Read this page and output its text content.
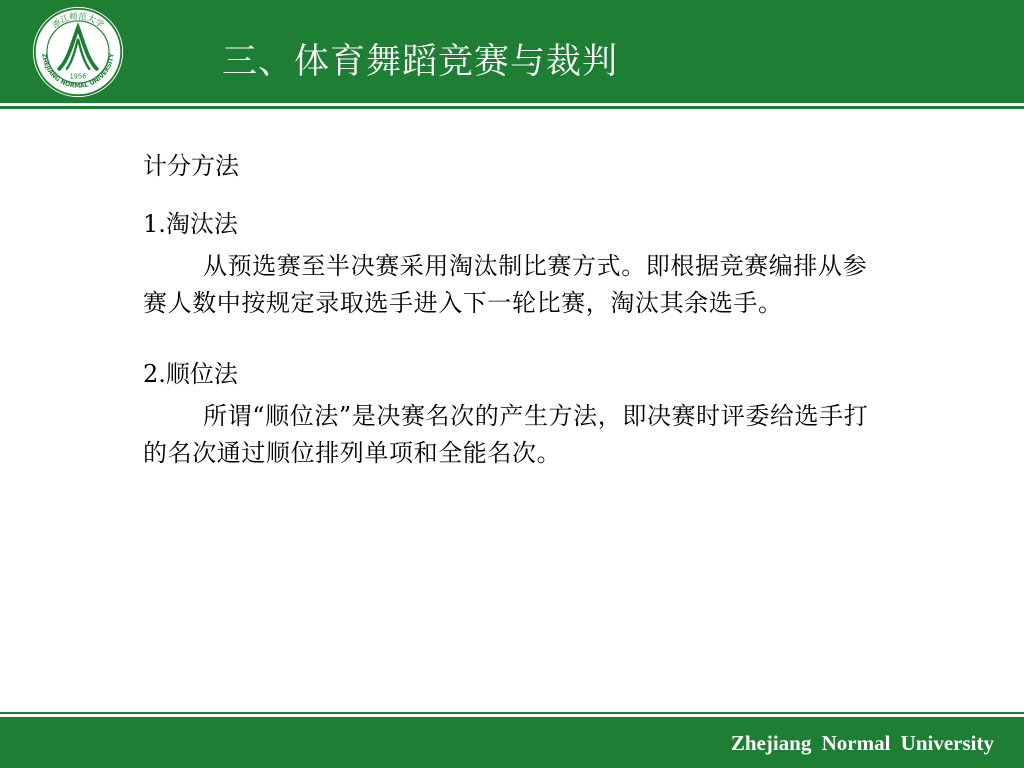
浙江师范大学
ZHEJIANG NORMAL UNIVERSITY
1956	三、体育舞蹈竞赛与裁判
计分方法
1.淘汰法
从预选赛至半决赛采用淘汰制比赛方式。即根据竞赛编排从参赛人数中按规定录取选手进入下一轮比赛，淘汰其余选手。
2.顺位法
所谓“顺位法”是决赛名次的产生方法，即决赛时评委给选手打的名次通过顺位排列单项和全能名次。
Zhejiang Normal University
